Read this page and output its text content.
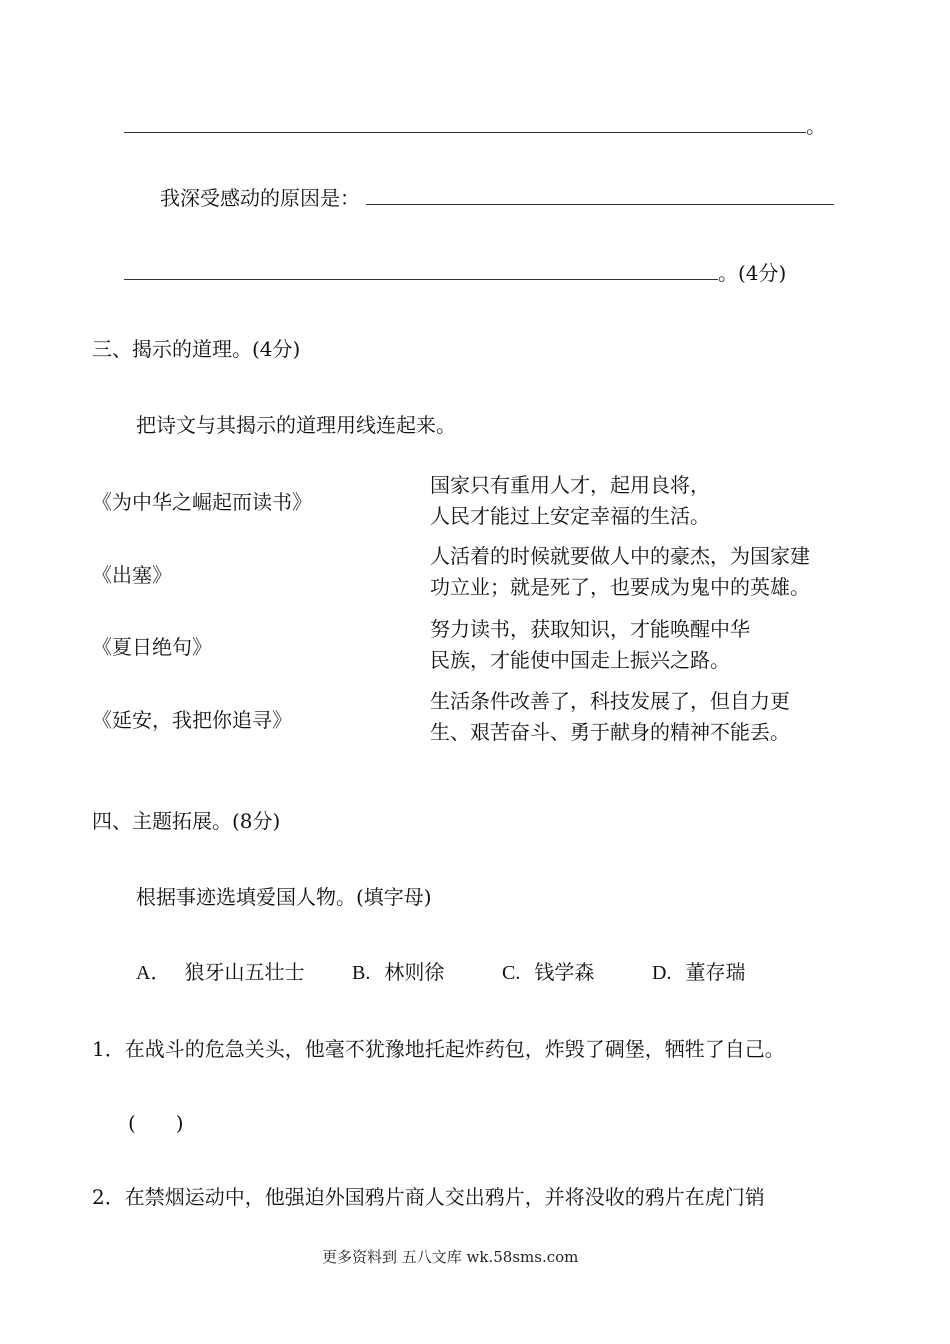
。
我深受感动的原因是：
。(4分)
三、揭示的道理。(4分)
把诗文与其揭示的道理用线连起来。
《为中华之崛起而读书》
《出塞》
《夏日绝句》
《延安，我把你追寻》
国家只有重用人才，起用良将，
人民才能过上安定幸福的生活。
人活着的时候就要做人中的豪杰，为国家建
功立业；就是死了，也要成为鬼中的英雄。
努力读书，获取知识，才能唤醒中华
民族，才能使中国走上振兴之路。
生活条件改善了，科技发展了，但自力更
生、艰苦奋斗、勇于献身的精神不能丢。
四、主题拓展。(8分)
根据事迹选填爱国人物。(填字母)
A． 狼牙山五壮士 B. 林则徐	C. 钱学森	D. 董存瑞
1．在战斗的危急关头，他毫不犹豫地托起炸药包，炸毁了碉堡，牺牲了自己。
(　　)
2．在禁烟运动中，他强迫外国鸦片商人交出鸦片，并将没收的鸦片在虎门销
更多资料到 五八文库 wk.58sms.com
